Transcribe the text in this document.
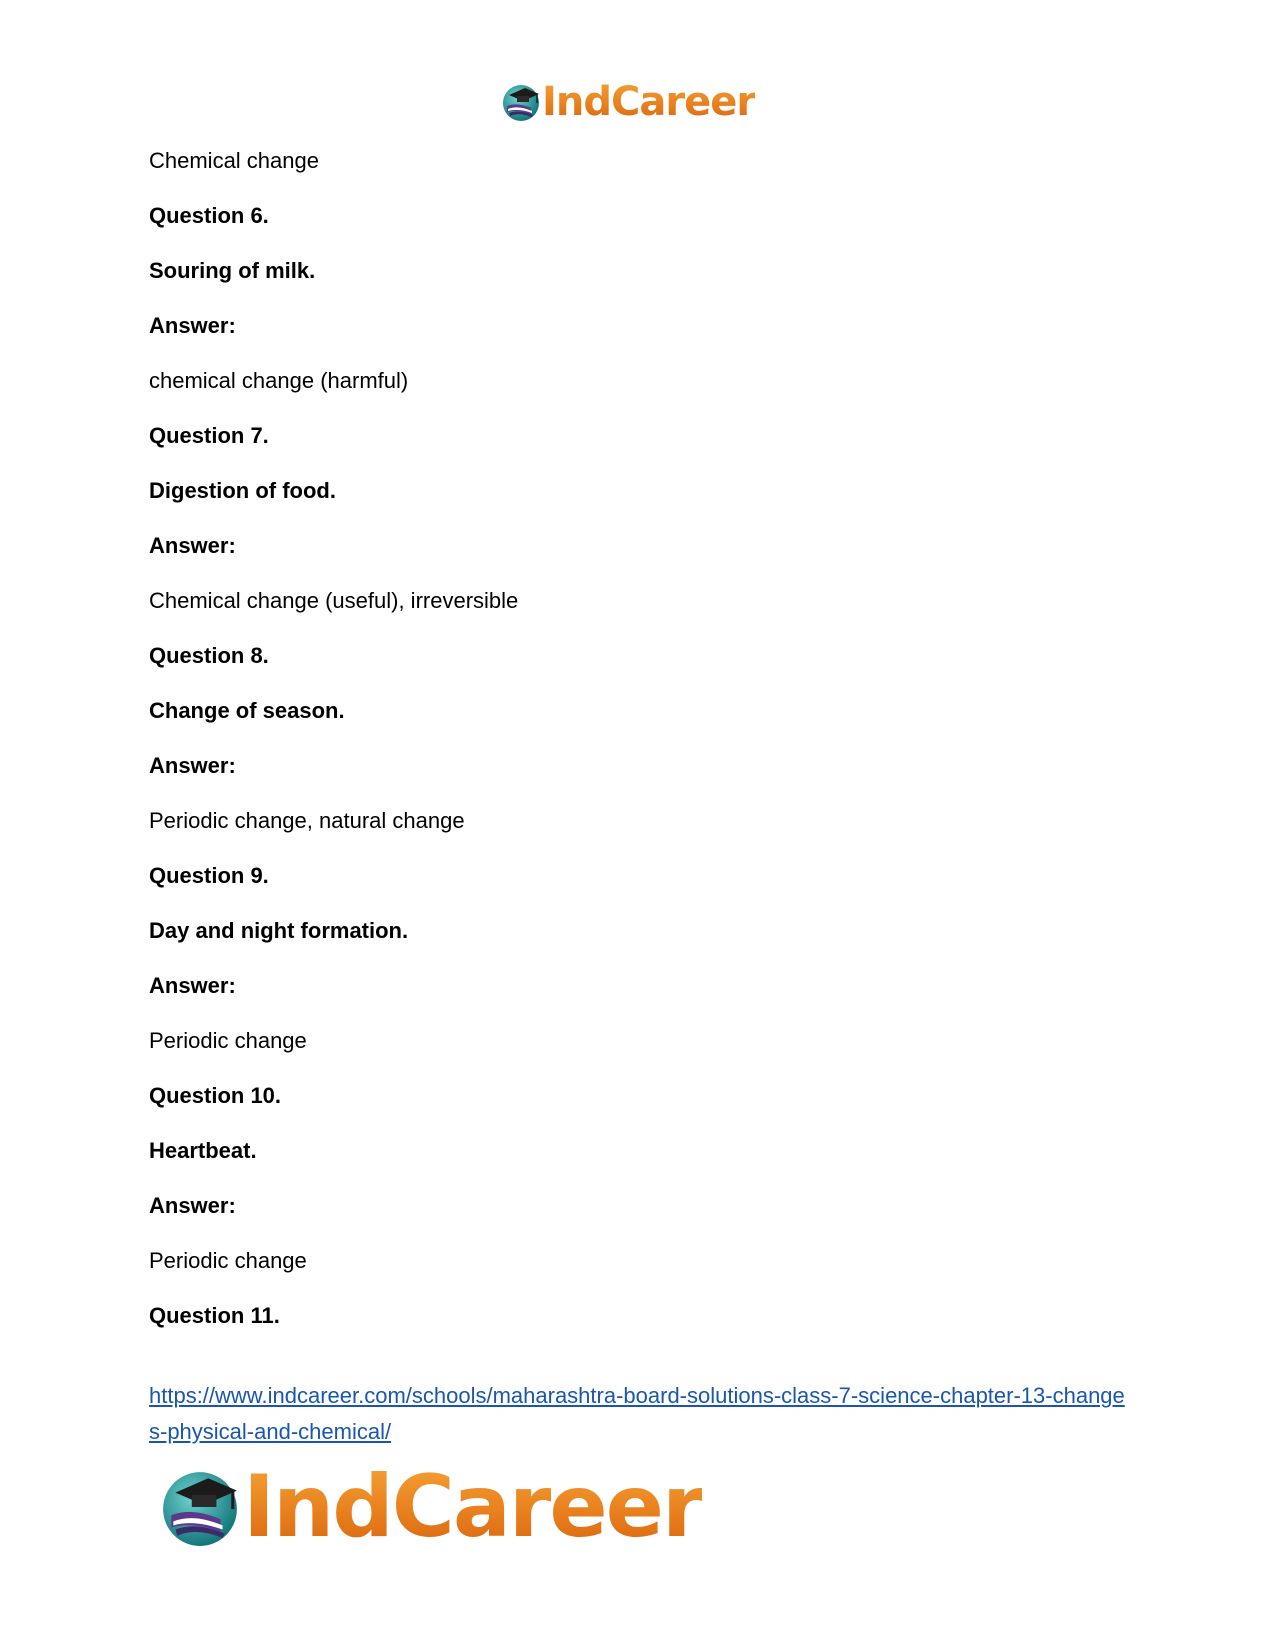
IndCareer
Chemical change
Question 6.
Souring of milk.
Answer:
chemical change (harmful)
Question 7.
Digestion of food.
Answer:
Chemical change (useful), irreversible
Question 8.
Change of season.
Answer:
Periodic change, natural change
Question 9.
Day and night formation.
Answer:
Periodic change
Question 10.
Heartbeat.
Answer:
Periodic change
Question 11.
https://www.indcareer.com/schools/maharashtra-board-solutions-class-7-science-chapter-13-changes-physical-and-chemical/
IndCareer
